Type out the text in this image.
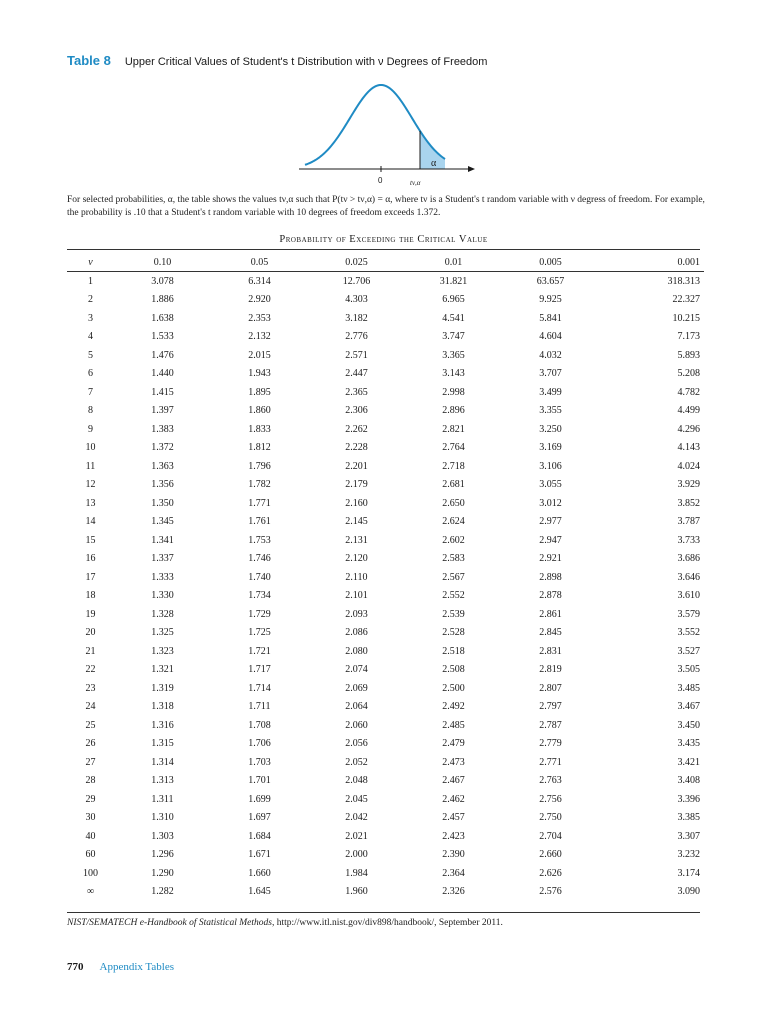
Table 8 Upper Critical Values of Student's t Distribution with ν Degrees of Freedom
α
0	tν,α

For selected probabilities, α, the table shows the values tν,α such that P(tν > tν,α) = α, where tν is a Student's t random variable with ν degress of freedom. For example, the probability is .10 that a Student's t random variable with 10 degrees of freedom exceeds 1.372.

Probability of Exceeding the Critical Value
ν	0.10	0.05	0.025	0.01	0.005	0.001
1	3.078	6.314	12.706	31.821	63.657	318.313
2	1.886	2.920	4.303	6.965	9.925	22.327
3	1.638	2.353	3.182	4.541	5.841	10.215
4	1.533	2.132	2.776	3.747	4.604	7.173
5	1.476	2.015	2.571	3.365	4.032	5.893
6	1.440	1.943	2.447	3.143	3.707	5.208
7	1.415	1.895	2.365	2.998	3.499	4.782
8	1.397	1.860	2.306	2.896	3.355	4.499
9	1.383	1.833	2.262	2.821	3.250	4.296
10	1.372	1.812	2.228	2.764	3.169	4.143
11	1.363	1.796	2.201	2.718	3.106	4.024
12	1.356	1.782	2.179	2.681	3.055	3.929
13	1.350	1.771	2.160	2.650	3.012	3.852
14	1.345	1.761	2.145	2.624	2.977	3.787
15	1.341	1.753	2.131	2.602	2.947	3.733
16	1.337	1.746	2.120	2.583	2.921	3.686
17	1.333	1.740	2.110	2.567	2.898	3.646
18	1.330	1.734	2.101	2.552	2.878	3.610
19	1.328	1.729	2.093	2.539	2.861	3.579
20	1.325	1.725	2.086	2.528	2.845	3.552
21	1.323	1.721	2.080	2.518	2.831	3.527
22	1.321	1.717	2.074	2.508	2.819	3.505
23	1.319	1.714	2.069	2.500	2.807	3.485
24	1.318	1.711	2.064	2.492	2.797	3.467
25	1.316	1.708	2.060	2.485	2.787	3.450
26	1.315	1.706	2.056	2.479	2.779	3.435
27	1.314	1.703	2.052	2.473	2.771	3.421
28	1.313	1.701	2.048	2.467	2.763	3.408
29	1.311	1.699	2.045	2.462	2.756	3.396
30	1.310	1.697	2.042	2.457	2.750	3.385
40	1.303	1.684	2.021	2.423	2.704	3.307
60	1.296	1.671	2.000	2.390	2.660	3.232
100	1.290	1.660	1.984	2.364	2.626	3.174
∞	1.282	1.645	1.960	2.326	2.576	3.090

NIST/SEMATECH e-Handbook of Statistical Methods, http://www.itl.nist.gov/div898/handbook/, September 2011.

770 Appendix Tables
